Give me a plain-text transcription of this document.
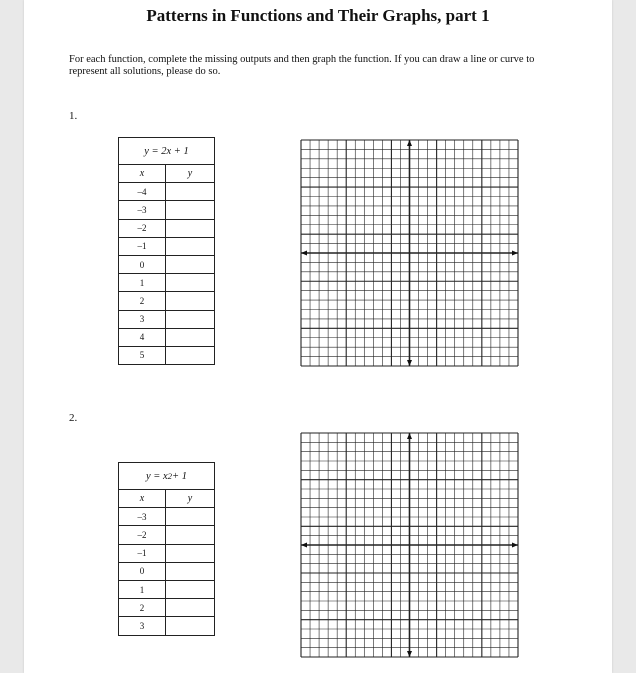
Patterns in Functions and Their Graphs, part 1
For each function, complete the missing outputs and then graph the function. If you can draw a line or curve to represent all solutions, please do so.
1.
y = 2x + 1
x	y
–4
–3
–2
–1
0
1
2
3
4
5
2.
y = x 2 + 1
x	y
–3
–2
–1
0
1
2
3
